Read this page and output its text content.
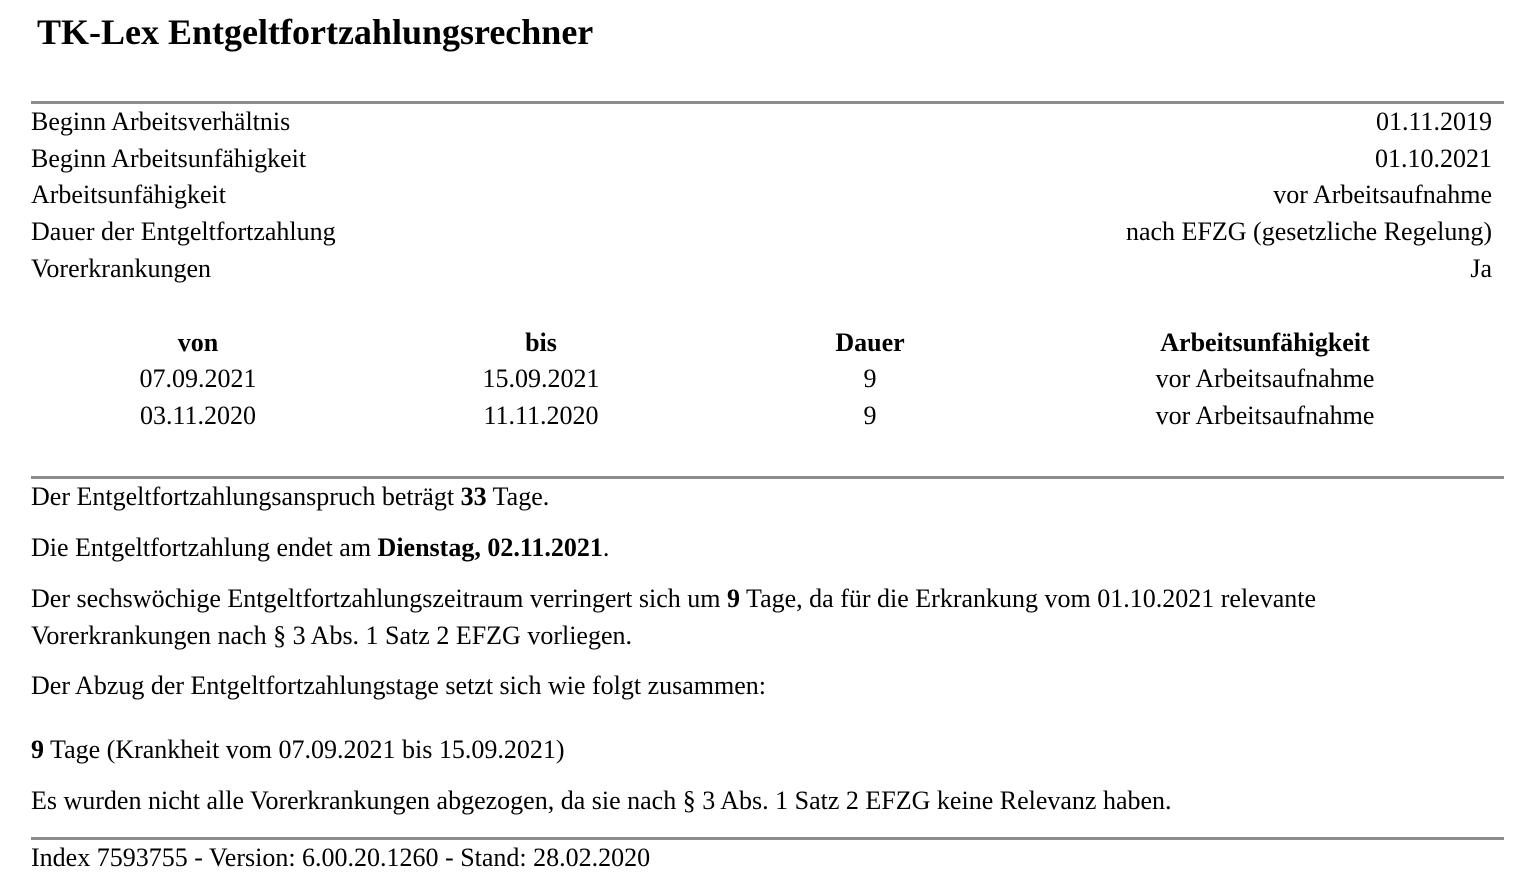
TK-Lex Entgeltfortzahlungsrechner
Beginn Arbeitsverhältnis	01.11.2019
Beginn Arbeitsunfähigkeit	01.10.2021
Arbeitsunfähigkeit	vor Arbeitsaufnahme
Dauer der Entgeltfortzahlung	nach EFZG (gesetzliche Regelung)
Vorerkrankungen	Ja
von	bis	Dauer	Arbeitsunfähigkeit
07.09.2021	15.09.2021	9	vor Arbeitsaufnahme
03.11.2020	11.11.2020	9	vor Arbeitsaufnahme
Der Entgeltfortzahlungsanspruch beträgt 33 Tage.
Die Entgeltfortzahlung endet am Dienstag, 02.11.2021.
Der sechswöchige Entgeltfortzahlungszeitraum verringert sich um 9 Tage, da für die Erkrankung vom 01.10.2021 relevante Vorerkrankungen nach § 3 Abs. 1 Satz 2 EFZG vorliegen.
Der Abzug der Entgeltfortzahlungstage setzt sich wie folgt zusammen:
9 Tage (Krankheit vom 07.09.2021 bis 15.09.2021)
Es wurden nicht alle Vorerkrankungen abgezogen, da sie nach § 3 Abs. 1 Satz 2 EFZG keine Relevanz haben.
Index 7593755 - Version: 6.00.20.1260 - Stand: 28.02.2020
